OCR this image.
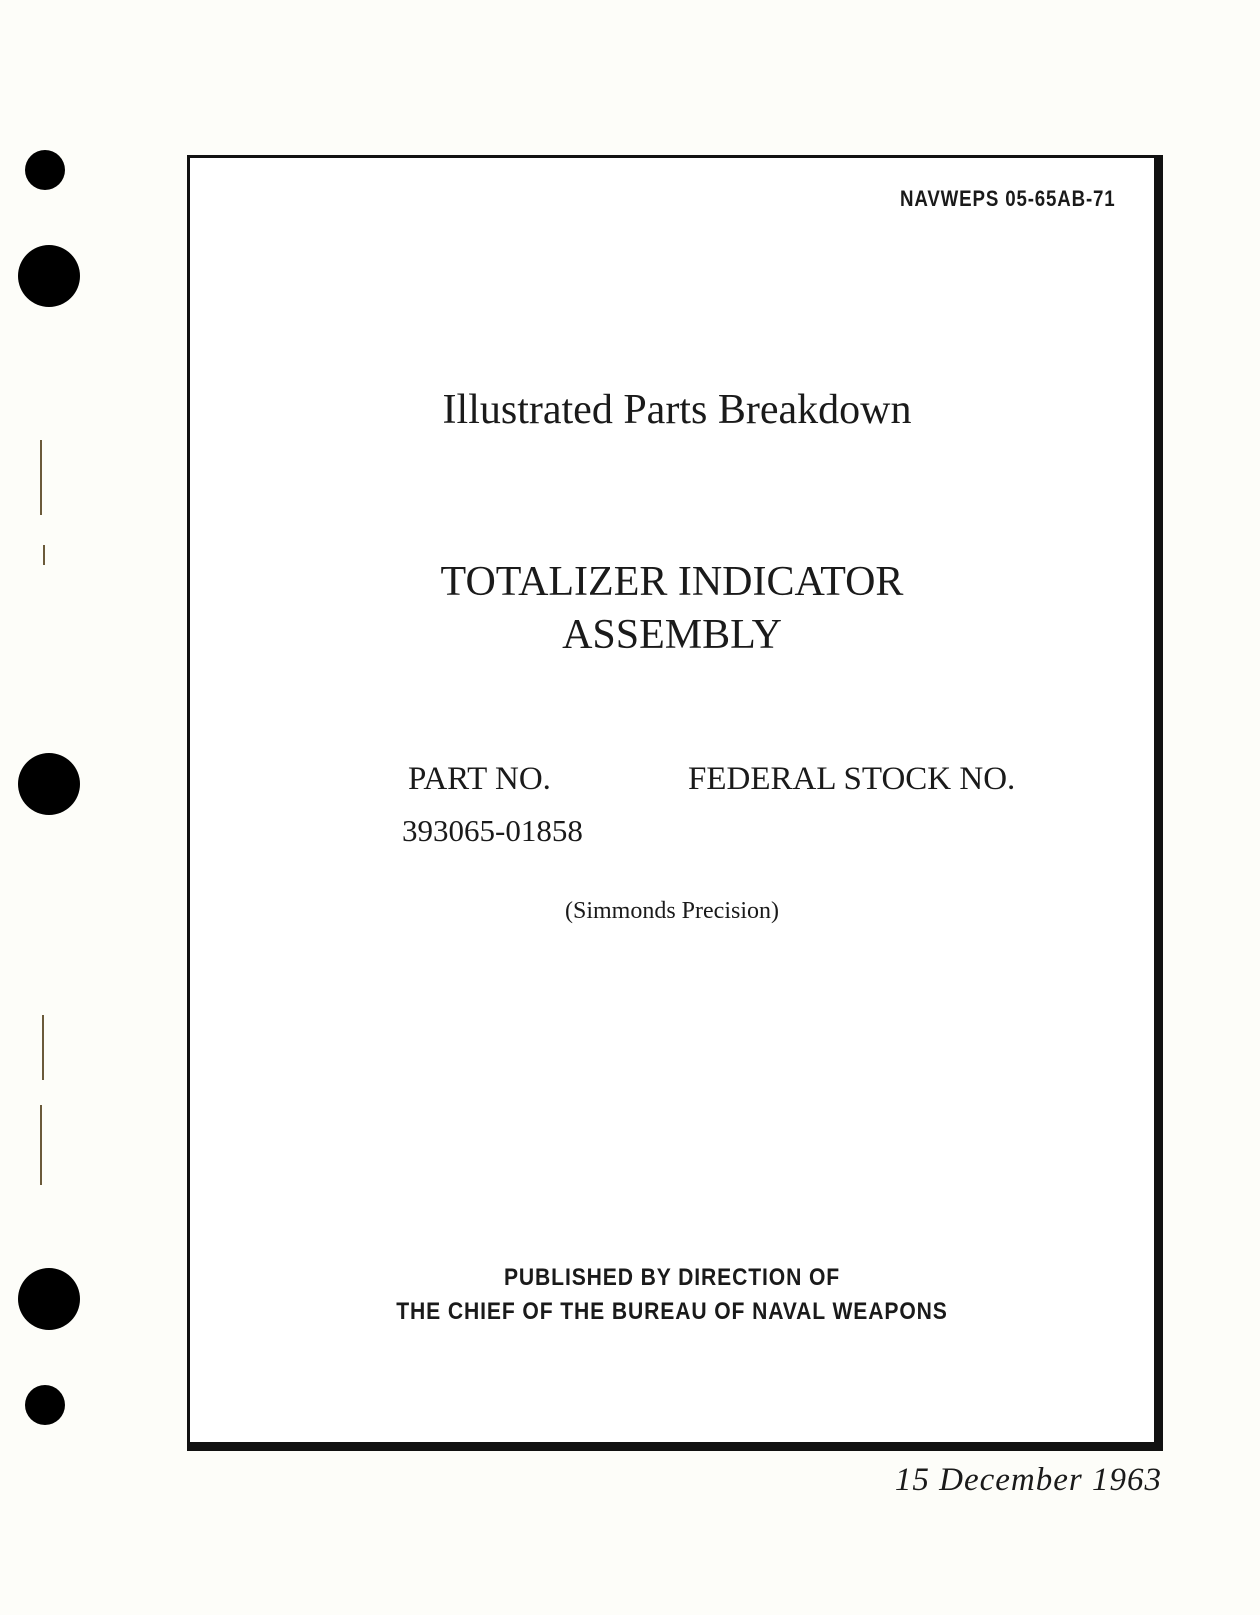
NAVWEPS 05-65AB-71
Illustrated Parts Breakdown
TOTALIZER INDICATOR
ASSEMBLY
PART NO.	FEDERAL STOCK NO.
393065-01858
(Simmonds Precision)
PUBLISHED BY DIRECTION OF
THE CHIEF OF THE BUREAU OF NAVAL WEAPONS
15 December 1963
